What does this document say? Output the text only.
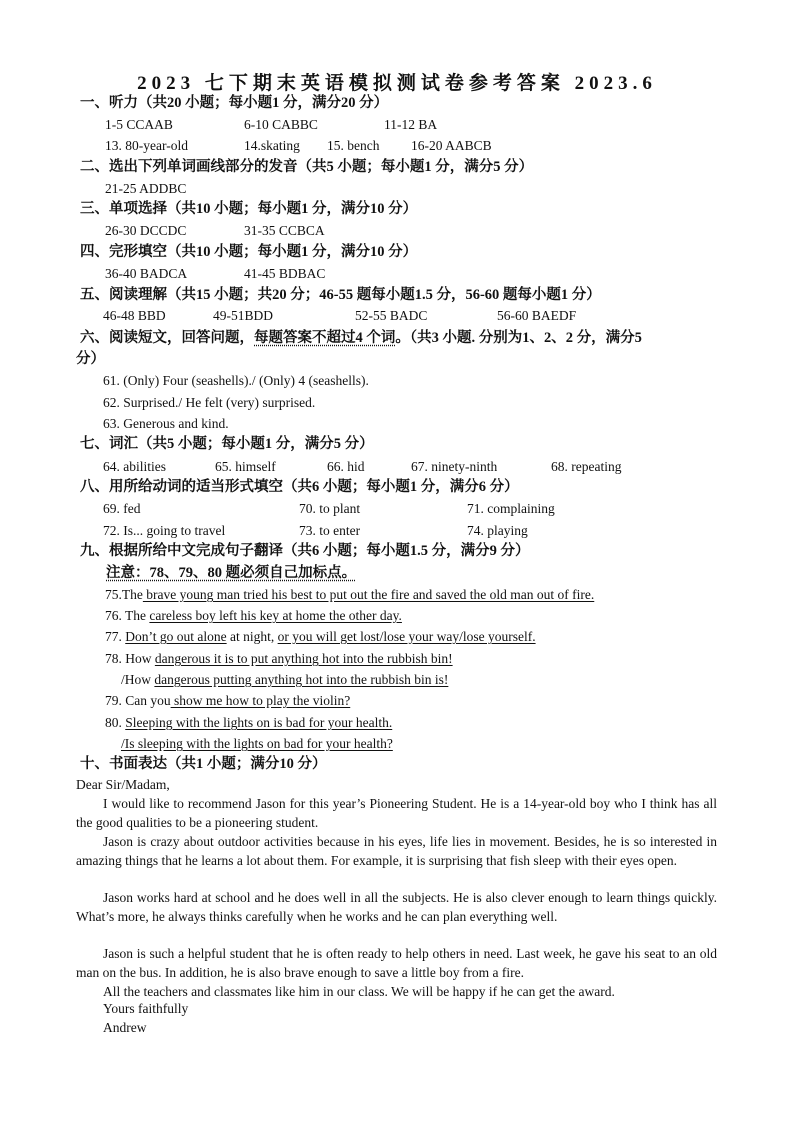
2023 七下期末英语模拟测试卷参考答案 2023.6
一、听力（共20 小题；每小题1 分，满分20 分）
1-5 CCAAB	6-10 CABBC	11-12 BA
13. 80-year-old	14.skating 15. bench 16-20 AABCB
二、选出下列单词画线部分的发音（共5 小题；每小题1 分，满分5 分）
21-25 ADDBC
三、单项选择（共10 小题；每小题1 分，满分10 分）
26-30 DCCDC	31-35 CCBCA
四、完形填空（共10 小题；每小题1 分，满分10 分）
36-40 BADCA	41-45 BDBAC
五、阅读理解（共15 小题；共20 分；46-55 题每小题1.5 分，56-60 题每小题1 分）
46-48 BBD	49-51BDD	52-55 BADC	56-60 BAEDF
六、阅读短文，回答问题，每题答案不超过4 个词。（共3 小题. 分别为1、2、2 分，满分5
分）
61. (Only) Four (seashells)./ (Only) 4 (seashells).
62. Surprised./ He felt (very) surprised.
63. Generous and kind.
七、词汇（共5 小题；每小题1 分，满分5 分）
64. abilities	65. himself	66. hid	67. ninety-ninth	68. repeating
八、用所给动词的适当形式填空（共6 小题；每小题1 分，满分6 分）
69. fed	70. to plant	71. complaining
72. Is... going to travel	73. to enter	74. playing
九、根据所给中文完成句子翻译（共6 小题；每小题1.5 分，满分9 分）
注意：78、79、80 题必须自己加标点。
75.The brave young man tried his best to put out the fire and saved the old man out of fire.
76. The careless boy left his key at home the other day.
77. Don’t go out alone at night, or you will get lost/lose your way/lose yourself.
78. How dangerous it is to put anything hot into the rubbish bin!
/How dangerous putting anything hot into the rubbish bin is!
79. Can you show me how to play the violin?
80. Sleeping with the lights on is bad for your health.
/Is sleeping with the lights on bad for your health?
十、书面表达（共1 小题；满分10 分）
Dear Sir/Madam,
I would like to recommend Jason for this year’s Pioneering Student. He is a 14-year-old boy who I think has all the good qualities to be a pioneering student.
Jason is crazy about outdoor activities because in his eyes, life lies in movement. Besides, he is so interested in amazing things that he learns a lot about them. For example, it is surprising that fish sleep with their eyes open.
Jason works hard at school and he does well in all the subjects. He is also clever enough to learn things quickly. What’s more, he always thinks carefully when he works and he can plan everything well.
Jason is such a helpful student that he is often ready to help others in need. Last week, he gave his seat to an old man on the bus. In addition, he is also brave enough to save a little boy from a fire.
All the teachers and classmates like him in our class. We will be happy if he can get the award.
Yours faithfully
Andrew
